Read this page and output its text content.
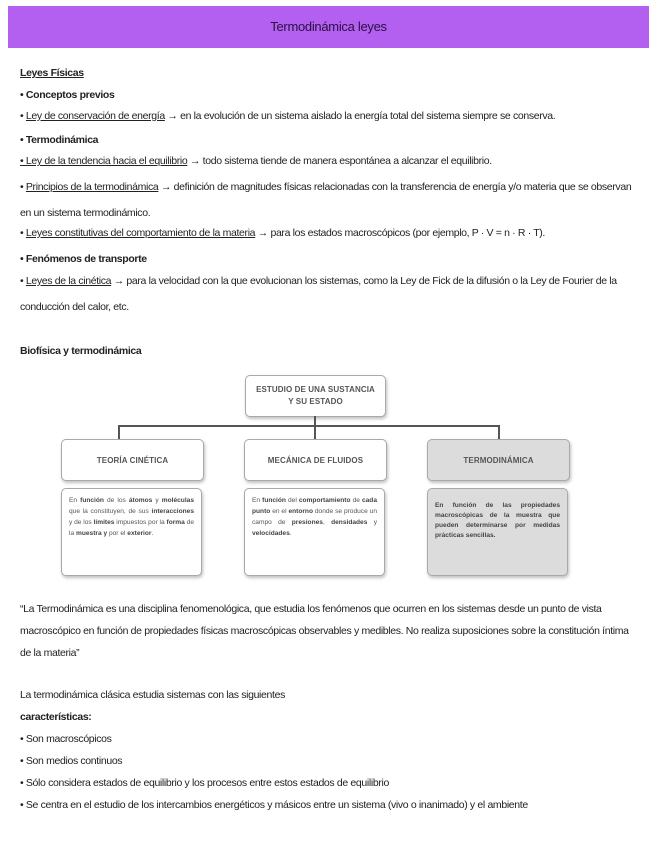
Termodinámica leyes
Leyes Físicas
• Conceptos previos
• Ley de conservación de energía → en la evolución de un sistema aislado la energía total del sistema siempre se conserva.
• Termodinámica
• Ley de la tendencia hacia el equilibrio → todo sistema tiende de manera espontánea a alcanzar el equilibrio.
• Principios de la termodinámica → definición de magnitudes físicas relacionadas con la transferencia de energía y/o materia que se observan en un sistema termodinámico.
• Leyes constitutivas del comportamiento de la materia → para los estados macroscópicos (por ejemplo, P · V = n · R · T).
• Fenómenos de transporte
• Leyes de la cinética → para la velocidad con la que evolucionan los sistemas, como la Ley de Fick de la difusión o la Ley de Fourier de la conducción del calor, etc.
Biofísica y termodinámica
ESTUDIO DE UNA SUSTANCIA
Y SU ESTADO
TEORÍA CINÉTICA
En función de los átomos y moléculas que la constituyen, de sus interacciones y de los límites impuestos por la forma de la muestra y por el exterior.
MECÁNICA DE FLUIDOS
En función del comportamiento de cada punto en el entorno donde se produce un campo de presiones, densidades y velocidades.
TERMODINÁMICA
En función de las propiedades macroscópicas de la muestra que pueden determinarse por medidas prácticas sencillas.
“La Termodinámica es una disciplina fenomenológica, que estudia los fenómenos que ocurren en los sistemas desde un punto de vista macroscópico en función de propiedades físicas macroscópicas observables y medibles. No realiza suposiciones sobre la constitución íntima de la materia”
La termodinámica clásica estudia sistemas con las siguientes
características:
• Son macroscópicos
• Son medios continuos
• Sólo considera estados de equilibrio y los procesos entre estos estados de equilibrio
• Se centra en el estudio de los intercambios energéticos y másicos entre un sistema (vivo o inanimado) y el ambiente
